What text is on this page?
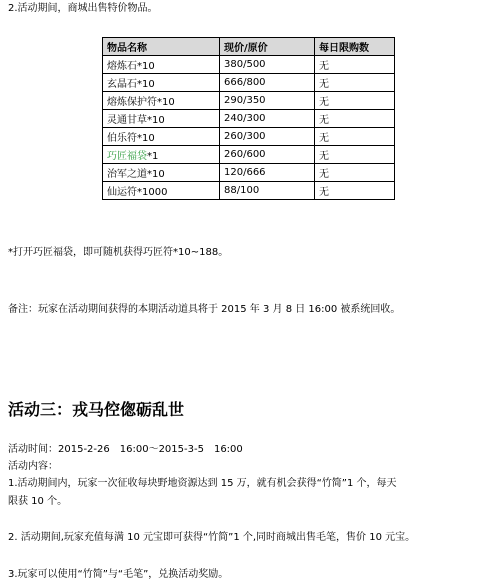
2.活动期间，商城出售特价物品。
物品名称	现价/原价	每日限购数
熔炼石*10	380/500	无
玄晶石*10	666/800	无
熔炼保护符*10	290/350	无
灵通甘草*10	240/300	无
伯乐符*10	260/300	无
巧匠福袋*1	260/600	无
治军之道*10	120/666	无
仙运符*1000	88/100	无
*打开巧匠福袋，即可随机获得巧匠符*10~188。
备注：玩家在活动期间获得的本期活动道具将于 2015 年 3 月 8 日 16:00 被系统回收。
活动三：戎马倥偬砺乱世
活动时间：2015-2-26　16:00～2015-3-5　16:00
活动内容：
1.活动期间内，玩家一次征收每块野地资源达到 15 万，就有机会获得“竹简”1 个，每天
限获 10 个。
2. 活动期间,玩家充值每满 10 元宝即可获得“竹简”1 个,同时商城出售毛笔，售价 10 元宝。
3.玩家可以使用“竹简”与“毛笔”，兑换活动奖励。
